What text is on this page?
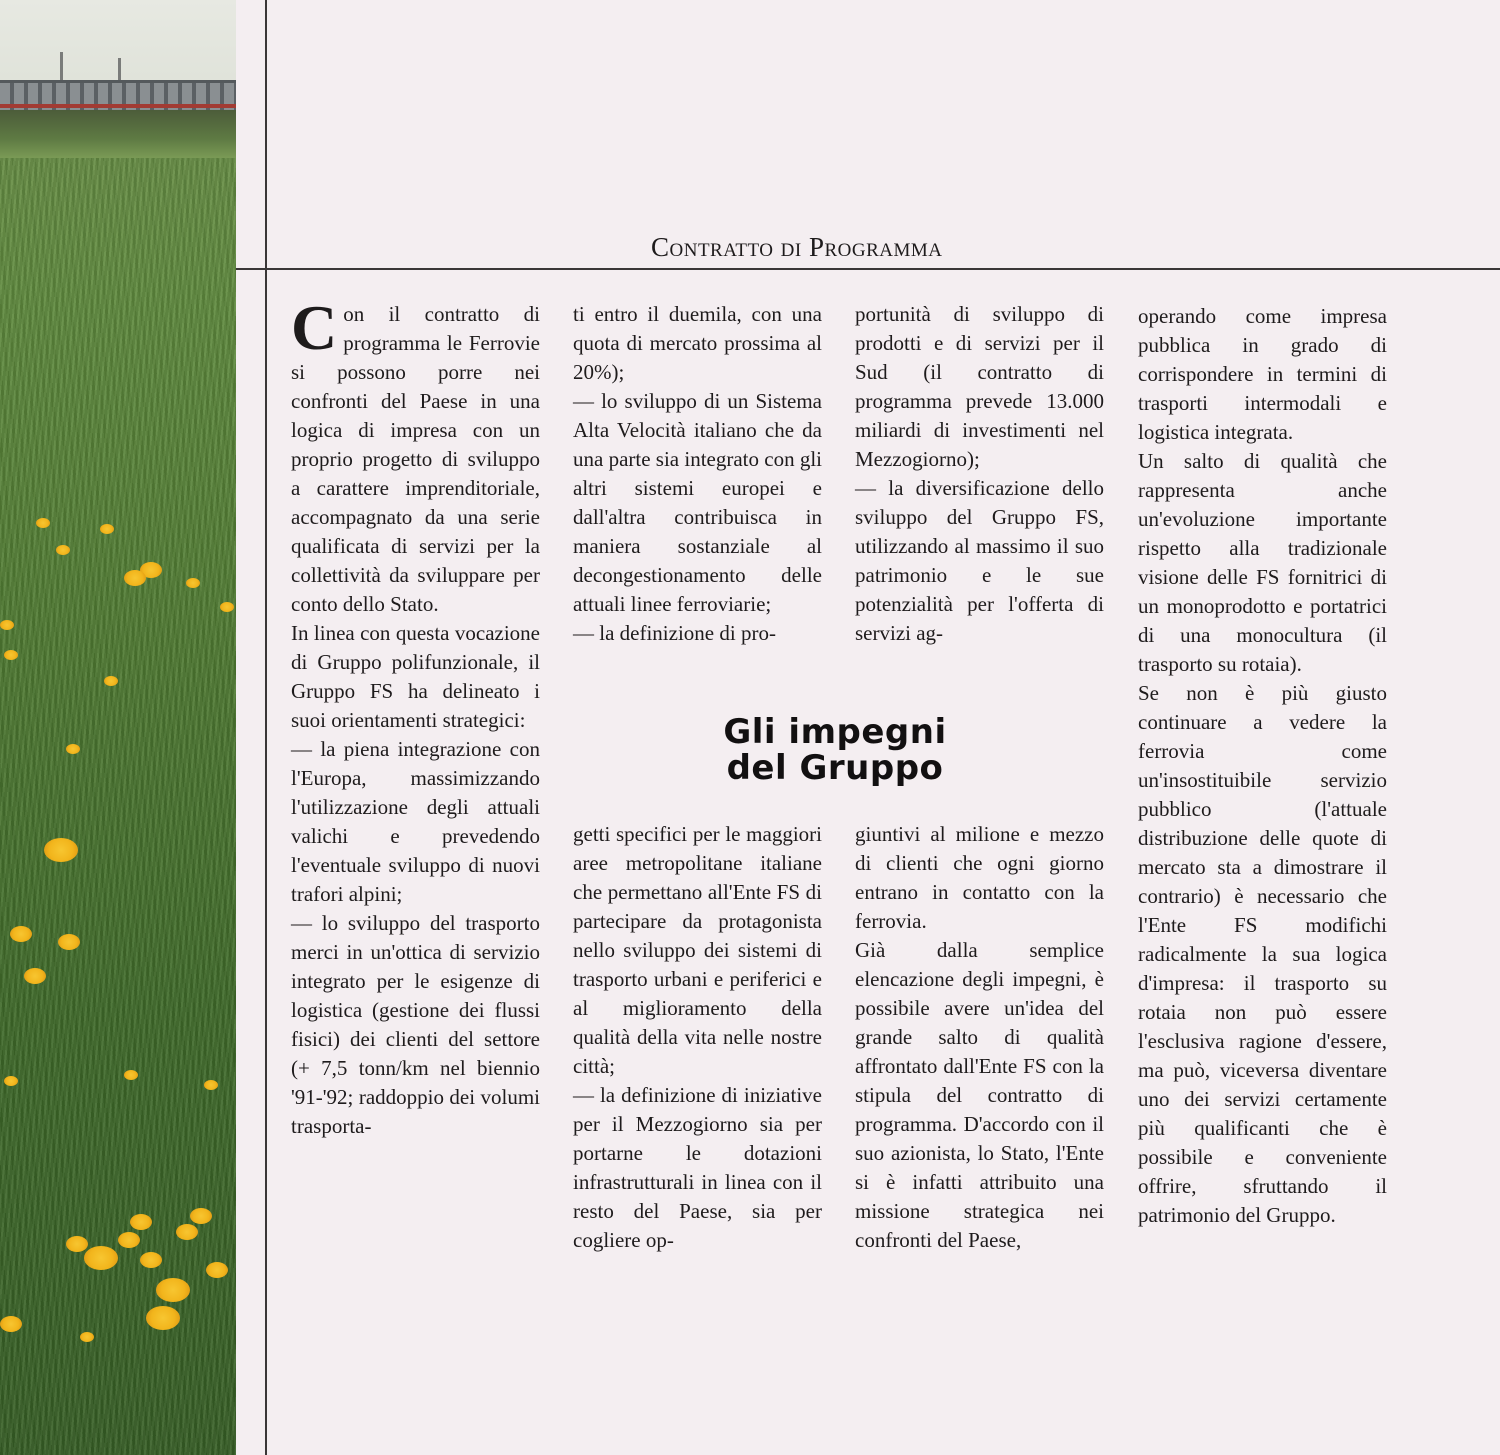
Contratto di Programma

Con il contratto di programma le Ferrovie si possono porre nei confronti del Paese in una logica di impresa con un proprio progetto di sviluppo a carattere imprenditoriale, accompagnato da una serie qualificata di servizi per la collettività da sviluppare per conto dello Stato.

In linea con questa vocazione di Gruppo polifunzionale, il Gruppo FS ha delineato i suoi orientamenti strategici:

— la piena integrazione con l'Europa, massimizzando l'utilizzazione degli attuali valichi e prevedendo l'eventuale sviluppo di nuovi trafori alpini;

— lo sviluppo del trasporto merci in un'ottica di servizio integrato per le esigenze di logistica (gestione dei flussi fisici) dei clienti del settore (+ 7,5 tonn/km nel biennio '91-'92; raddoppio dei volumi trasporta-

ti entro il duemila, con una quota di mercato prossima al 20%);

— lo sviluppo di un Sistema Alta Velocità italiano che da una parte sia integrato con gli altri sistemi europei e dall'altra contribuisca in maniera sostanziale al decongestionamento delle attuali linee ferroviarie;

— la definizione di pro-

portunità di sviluppo di prodotti e di servizi per il Sud (il contratto di programma prevede 13.000 miliardi di investimenti nel Mezzogiorno);

— la diversificazione dello sviluppo del Gruppo FS, utilizzando al massimo il suo patrimonio e le sue potenzialità per l'offerta di servizi ag-

Gli impegni
del Gruppo

getti specifici per le maggiori aree metropolitane italiane che permettano all'Ente FS di partecipare da protagonista nello sviluppo dei sistemi di trasporto urbani e periferici e al miglioramento della qualità della vita nelle nostre città;

— la definizione di iniziative per il Mezzogiorno sia per portarne le dotazioni infrastrutturali in linea con il resto del Paese, sia per cogliere op-

giuntivi al milione e mezzo di clienti che ogni giorno entrano in contatto con la ferrovia.

Già dalla semplice elencazione degli impegni, è possibile avere un'idea del grande salto di qualità affrontato dall'Ente FS con la stipula del contratto di programma. D'accordo con il suo azionista, lo Stato, l'Ente si è infatti attribuito una missione strategica nei confronti del Paese,

operando come impresa pubblica in grado di corrispondere in termini di trasporti intermodali e logistica integrata.

Un salto di qualità che rappresenta anche un'evoluzione importante rispetto alla tradizionale visione delle FS fornitrici di un monoprodotto e portatrici di una monocultura (il trasporto su rotaia).

Se non è più giusto continuare a vedere la ferrovia come un'insostituibile servizio pubblico (l'attuale distribuzione delle quote di mercato sta a dimostrare il contrario) è necessario che l'Ente FS modifichi radicalmente la sua logica d'impresa: il trasporto su rotaia non può essere l'esclusiva ragione d'essere, ma può, viceversa diventare uno dei servizi certamente più qualificanti che è possibile e conveniente offrire, sfruttando il patrimonio del Gruppo.
